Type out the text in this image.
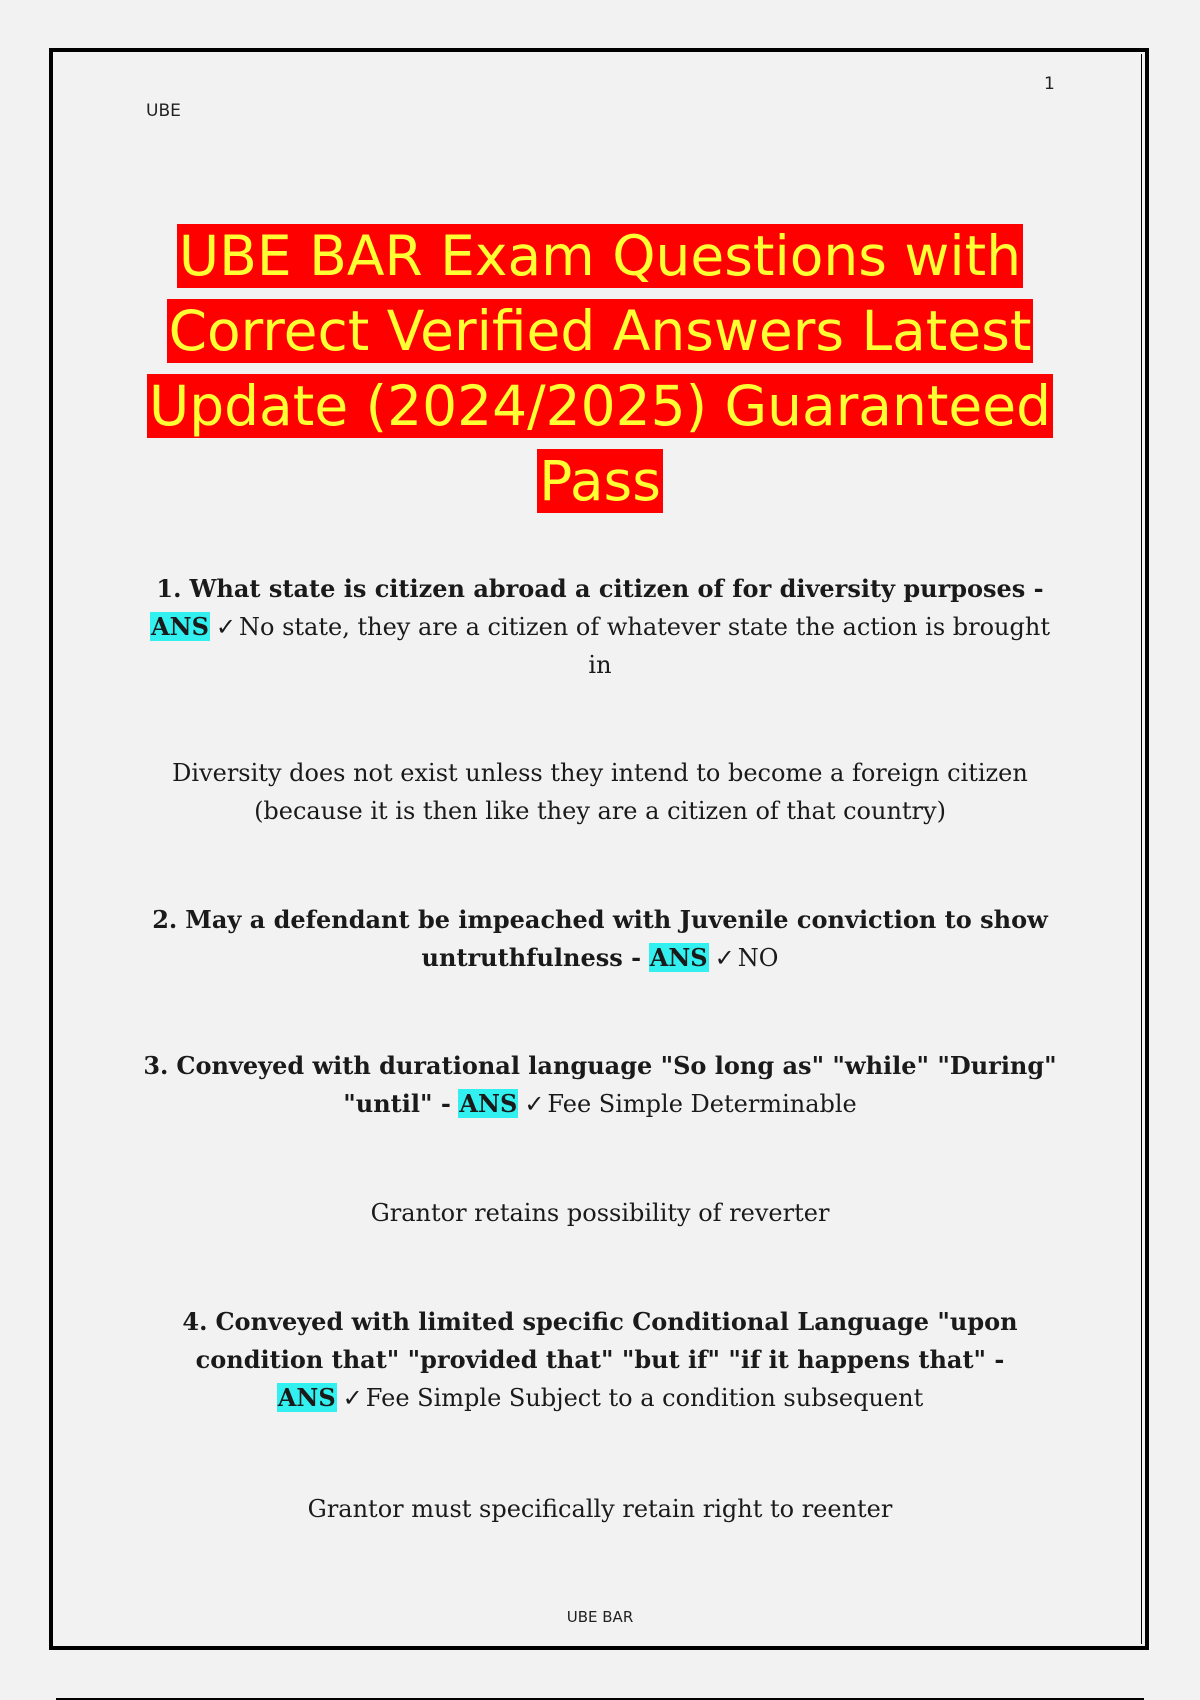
UBE
1
UBE BAR Exam Questions with Correct Verified Answers Latest Update (2024/2025) Guaranteed Pass
1. What state is citizen abroad a citizen of for diversity purposes - ANS ✓ No state, they are a citizen of whatever state the action is brought in
Diversity does not exist unless they intend to become a foreign citizen (because it is then like they are a citizen of that country)
2. May a defendant be impeached with Juvenile conviction to show untruthfulness - ANS ✓ NO
3. Conveyed with durational language "So long as" "while" "During" "until" - ANS ✓ Fee Simple Determinable
Grantor retains possibility of reverter
4. Conveyed with limited specific Conditional Language "upon condition that" "provided that" "but if" "if it happens that" - ANS ✓ Fee Simple Subject to a condition subsequent
Grantor must specifically retain right to reenter
UBE BAR
